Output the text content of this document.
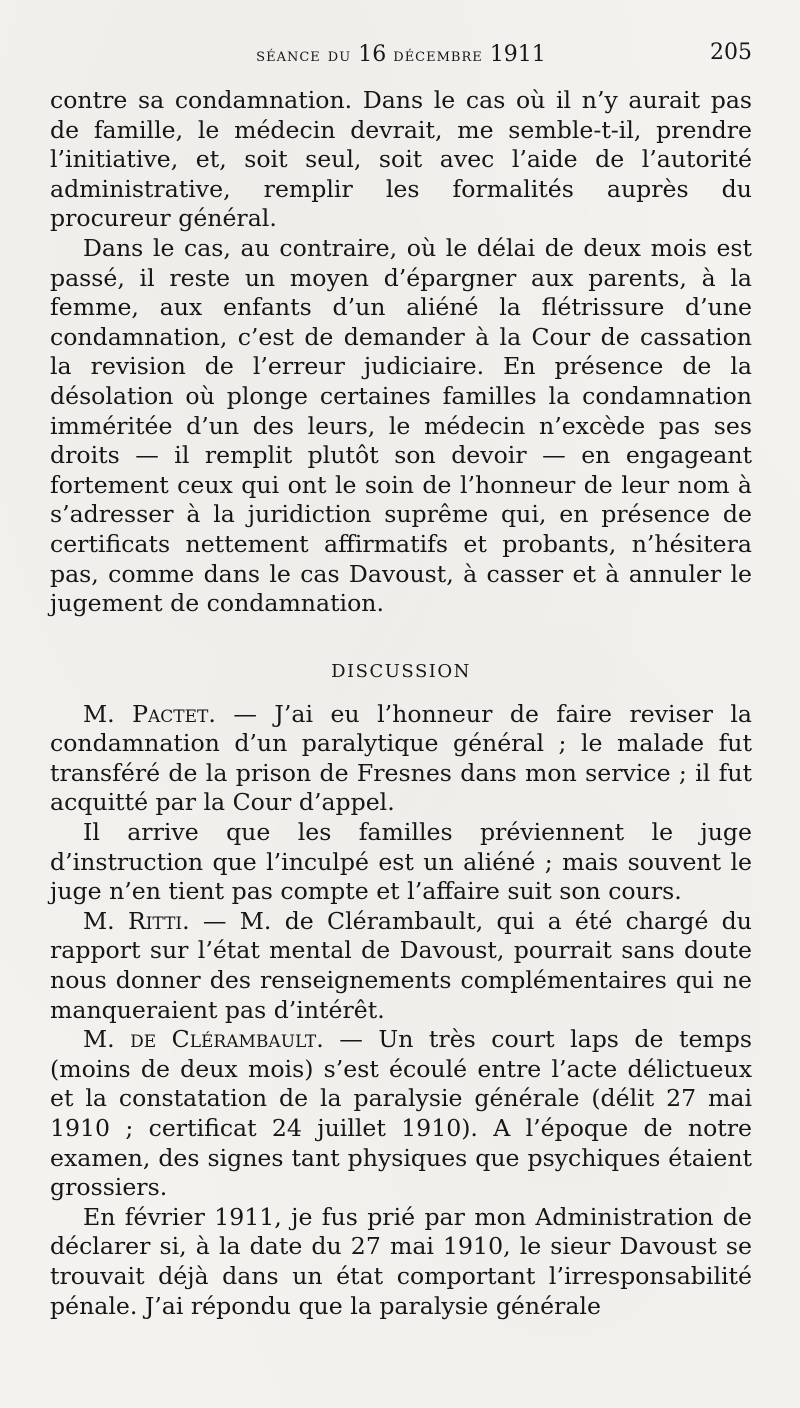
séance du 16 décembre 1911	205

contre sa condamnation. Dans le cas où il n’y aurait pas de famille, le médecin devrait, me semble-t-il, prendre l’initiative, et, soit seul, soit avec l’aide de l’autorité administrative, remplir les formalités auprès du procureur général.

Dans le cas, au contraire, où le délai de deux mois est passé, il reste un moyen d’épargner aux parents, à la femme, aux enfants d’un aliéné la flétrissure d’une condamnation, c’est de demander à la Cour de cassation la revision de l’erreur judiciaire. En présence de la désolation où plonge certaines familles la condamnation imméritée d’un des leurs, le médecin n’excède pas ses droits — il remplit plutôt son devoir — en engageant fortement ceux qui ont le soin de l’honneur de leur nom à s’adresser à la juridiction suprême qui, en présence de certificats nettement affirmatifs et probants, n’hésitera pas, comme dans le cas Davoust, à casser et à annuler le jugement de condamnation.

DISCUSSION

M. Pactet. — J’ai eu l’honneur de faire reviser la condamnation d’un paralytique général ; le malade fut transféré de la prison de Fresnes dans mon service ; il fut acquitté par la Cour d’appel.

Il arrive que les familles préviennent le juge d’instruction que l’inculpé est un aliéné ; mais souvent le juge n’en tient pas compte et l’affaire suit son cours.

M. Ritti. — M. de Clérambault, qui a été chargé du rapport sur l’état mental de Davoust, pourrait sans doute nous donner des renseignements complémentaires qui ne manqueraient pas d’intérêt.

M. de Clérambault. — Un très court laps de temps (moins de deux mois) s’est écoulé entre l’acte délictueux et la constatation de la paralysie générale (délit 27 mai 1910 ; certificat 24 juillet 1910). A l’époque de notre examen, des signes tant physiques que psychiques étaient grossiers.

En février 1911, je fus prié par mon Administration de déclarer si, à la date du 27 mai 1910, le sieur Davoust se trouvait déjà dans un état comportant l’irresponsabilité pénale. J’ai répondu que la paralysie générale
